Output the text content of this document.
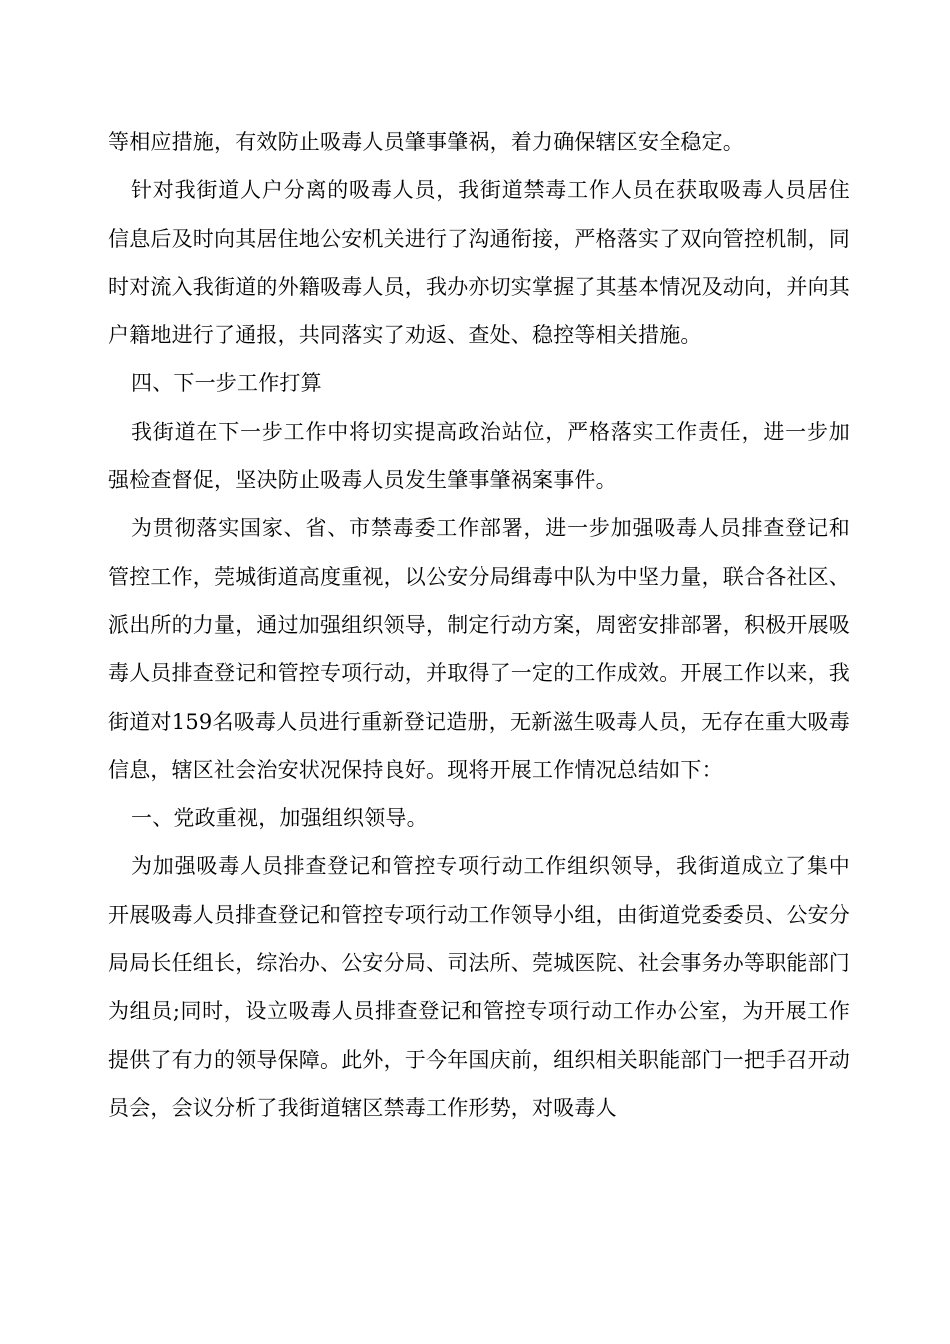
等相应措施，有效防止吸毒人员肇事肇祸，着力确保辖区安全稳定。

针对我街道人户分离的吸毒人员，我街道禁毒工作人员在获取吸毒人员居住信息后及时向其居住地公安机关进行了沟通衔接，严格落实了双向管控机制，同时对流入我街道的外籍吸毒人员，我办亦切实掌握了其基本情况及动向，并向其户籍地进行了通报，共同落实了劝返、查处、稳控等相关措施。

四、下一步工作打算

我街道在下一步工作中将切实提高政治站位，严格落实工作责任，进一步加强检查督促，坚决防止吸毒人员发生肇事肇祸案事件。

为贯彻落实国家、省、市禁毒委工作部署，进一步加强吸毒人员排查登记和管控工作，莞城街道高度重视，以公安分局缉毒中队为中坚力量，联合各社区、派出所的力量，通过加强组织领导，制定行动方案，周密安排部署，积极开展吸毒人员排查登记和管控专项行动，并取得了一定的工作成效。开展工作以来，我街道对159名吸毒人员进行重新登记造册，无新滋生吸毒人员，无存在重大吸毒信息，辖区社会治安状况保持良好。现将开展工作情况总结如下：

一、党政重视，加强组织领导。

为加强吸毒人员排查登记和管控专项行动工作组织领导，我街道成立了集中开展吸毒人员排查登记和管控专项行动工作领导小组，由街道党委委员、公安分局局长任组长，综治办、公安分局、司法所、莞城医院、社会事务办等职能部门为组员;同时，设立吸毒人员排查登记和管控专项行动工作办公室，为开展工作提供了有力的领导保障。此外，于今年国庆前，组织相关职能部门一把手召开动员会，会议分析了我街道辖区禁毒工作形势，对吸毒人
